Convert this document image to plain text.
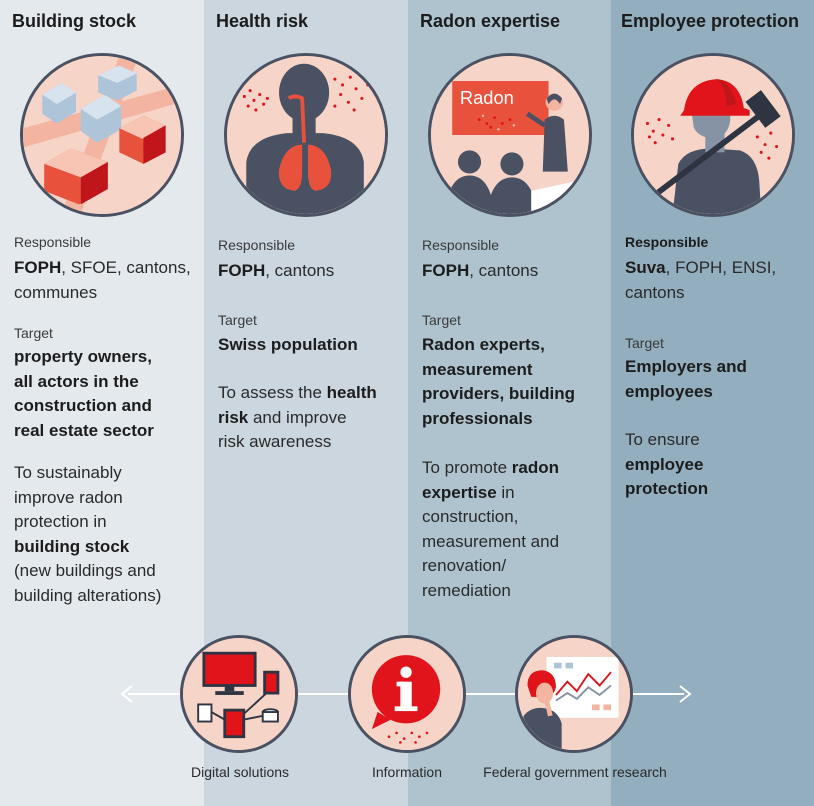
Building stock
Responsible
FOPH, SFOE, cantons,
communes
Target
property owners,
all actors in the
construction and
real estate sector
To sustainably
improve radon
protection in
building stock
(new buildings and
building alterations)
Health risk
Responsible
FOPH, cantons
Target
Swiss population
To assess the health
risk and improve
risk awareness
Radon expertise
Radon
Responsible
FOPH, cantons
Target
Radon experts,
measurement
providers, building
professionals
To promote radon
expertise in
construction,
measurement and
renovation/
remediation
Employee protection
Responsible
Suva, FOPH, ENSI,
cantons
Target
Employers and
employees
To ensure
employee
protection
Digital solutions	Information	Federal government research
